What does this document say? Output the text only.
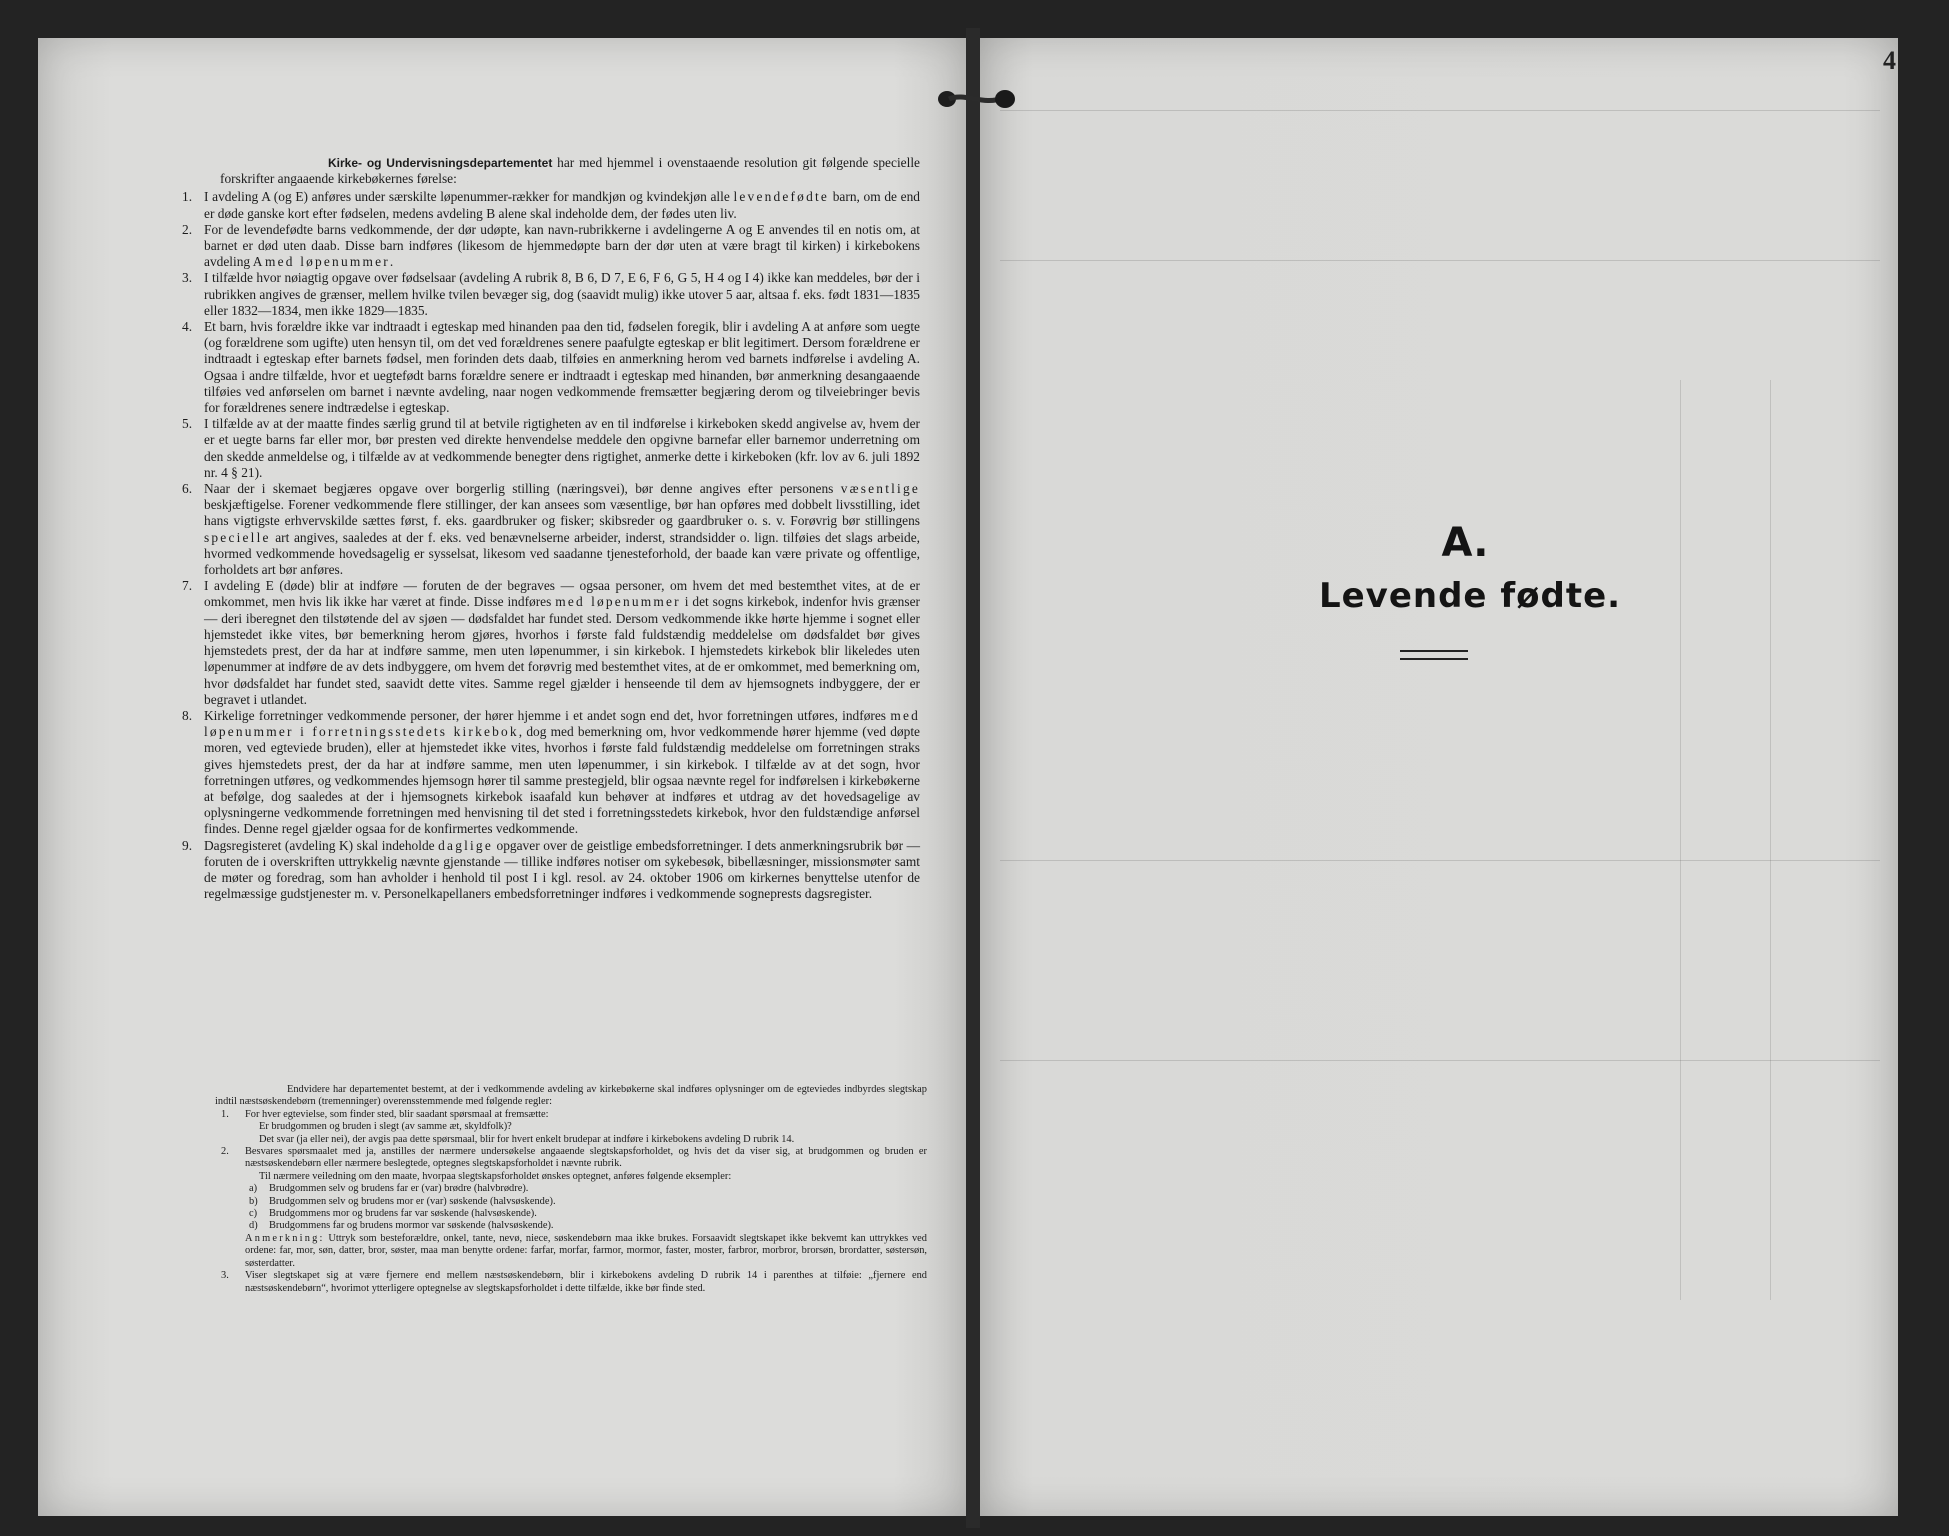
4

Kirke- og Undervisningsdepartementet har med hjemmel i ovenstaaende resolution git følgende specielle forskrifter angaaende kirkebøkernes førelse:

1. I avdeling A (og E) anføres under særskilte løpenummer-rækker for mandkjøn og kvindekjøn alle levendefødte barn, om de end er døde ganske kort efter fødselen, medens avdeling B alene skal indeholde dem, der fødes uten liv.
2. For de levendefødte barns vedkommende, der dør udøpte, kan navn-rubrikkerne i avdelingerne A og E anvendes til en notis om, at barnet er død uten daab. Disse barn indføres (likesom de hjemmedøpte barn der dør uten at være bragt til kirken) i kirkebokens avdeling A med løpenummer.
3. I tilfælde hvor nøiagtig opgave over fødselsaar (avdeling A rubrik 8, B 6, D 7, E 6, F 6, G 5, H 4 og I 4) ikke kan meddeles, bør der i rubrikken angives de grænser, mellem hvilke tvilen bevæger sig, dog (saavidt mulig) ikke utover 5 aar, altsaa f. eks. født 1831—1835 eller 1832—1834, men ikke 1829—1835.
4. Et barn, hvis forældre ikke var indtraadt i egteskap med hinanden paa den tid, fødselen foregik, blir i avdeling A at anføre som uegte (og forældrene som ugifte) uten hensyn til, om det ved forældrenes senere paafulgte egteskap er blit legitimert. Dersom forældrene er indtraadt i egteskap efter barnets fødsel, men forinden dets daab, tilføies en anmerkning herom ved barnets indførelse i avdeling A. Ogsaa i andre tilfælde, hvor et uegtefødt barns forældre senere er indtraadt i egteskap med hinanden, bør anmerkning desangaaende tilføies ved anførselen om barnet i nævnte avdeling, naar nogen vedkommende fremsætter begjæring derom og tilveiebringer bevis for forældrenes senere indtrædelse i egteskap.
5. I tilfælde av at der maatte findes særlig grund til at betvile rigtigheten av en til indførelse i kirkeboken skedd angivelse av, hvem der er et uegte barns far eller mor, bør presten ved direkte henvendelse meddele den opgivne barnefar eller barnemor underretning om den skedde anmeldelse og, i tilfælde av at vedkommende benegter dens rigtighet, anmerke dette i kirkeboken (kfr. lov av 6. juli 1892 nr. 4 § 21).
6. Naar der i skemaet begjæres opgave over borgerlig stilling (næringsvei), bør denne angives efter personens væsentlige beskjæftigelse. Forener vedkommende flere stillinger, der kan ansees som væsentlige, bør han opføres med dobbelt livsstilling, idet hans vigtigste erhvervskilde sættes først, f. eks. gaardbruker og fisker; skibsreder og gaardbruker o. s. v. Forøvrig bør stillingens specielle art angives, saaledes at der f. eks. ved benævnelserne arbeider, inderst, strandsidder o. lign. tilføies det slags arbeide, hvormed vedkommende hovedsagelig er sysselsat, likesom ved saadanne tjenesteforhold, der baade kan være private og offentlige, forholdets art bør anføres.
7. I avdeling E (døde) blir at indføre — foruten de der begraves — ogsaa personer, om hvem det med bestemthet vites, at de er omkommet, men hvis lik ikke har været at finde. Disse indføres med løpenummer i det sogns kirkebok, indenfor hvis grænser — deri iberegnet den tilstøtende del av sjøen — dødsfaldet har fundet sted. Dersom vedkommende ikke hørte hjemme i sognet eller hjemstedet ikke vites, bør bemerkning herom gjøres, hvorhos i første fald fuldstændig meddelelse om dødsfaldet bør gives hjemstedets prest, der da har at indføre samme, men uten løpenummer, i sin kirkebok. I hjemstedets kirkebok blir likeledes uten løpenummer at indføre de av dets indbyggere, om hvem det forøvrig med bestemthet vites, at de er omkommet, med bemerkning om, hvor dødsfaldet har fundet sted, saavidt dette vites. Samme regel gjælder i henseende til dem av hjemsognets indbyggere, der er begravet i utlandet.
8. Kirkelige forretninger vedkommende personer, der hører hjemme i et andet sogn end det, hvor forretningen utføres, indføres med løpenummer i forretningsstedets kirkebok, dog med bemerkning om, hvor vedkommende hører hjemme (ved døpte moren, ved egteviede bruden), eller at hjemstedet ikke vites, hvorhos i første fald fuldstændig meddelelse om forretningen straks gives hjemstedets prest, der da har at indføre samme, men uten løpenummer, i sin kirkebok. I tilfælde av at det sogn, hvor forretningen utføres, og vedkommendes hjemsogn hører til samme prestegjeld, blir ogsaa nævnte regel for indførelsen i kirkebøkerne at befølge, dog saaledes at der i hjemsognets kirkebok isaafald kun behøver at indføres et utdrag av det hovedsagelige av oplysningerne vedkommende forretningen med henvisning til det sted i forretningsstedets kirkebok, hvor den fuldstændige anførsel findes. Denne regel gjælder ogsaa for de konfirmertes vedkommende.
9. Dagsregisteret (avdeling K) skal indeholde daglige opgaver over de geistlige embedsforretninger. I dets anmerkningsrubrik bør — foruten de i overskriften uttrykkelig nævnte gjenstande — tillike indføres notiser om sykebesøk, bibellæsninger, missionsmøter samt de møter og foredrag, som han avholder i henhold til post I i kgl. resol. av 24. oktober 1906 om kirkernes benyttelse utenfor de regelmæssige gudstjenester m. v. Personelkapellaners embedsforretninger indføres i vedkommende sogneprests dagsregister.

Endvidere har departementet bestemt, at der i vedkommende avdeling av kirkebøkerne skal indføres oplysninger om de egteviedes indbyrdes slegtskap indtil næstsøskendebørn (tremenninger) overensstemmende med følgende regler:

1. For hver egtevielse, som finder sted, blir saadant spørsmaal at fremsætte:
Er brudgommen og bruden i slegt (av samme æt, skyldfolk)?
Det svar (ja eller nei), der avgis paa dette spørsmaal, blir for hvert enkelt brudepar at indføre i kirkebokens avdeling D rubrik 14.
2. Besvares spørsmaalet med ja, anstilles der nærmere undersøkelse angaaende slegtskapsforholdet, og hvis det da viser sig, at brudgommen og bruden er næstsøskendebørn eller nærmere beslegtede, optegnes slegtskapsforholdet i nævnte rubrik.
Til nærmere veiledning om den maate, hvorpaa slegtskapsforholdet ønskes optegnet, anføres følgende eksempler:
a) Brudgommen selv og brudens far er (var) brødre (halvbrødre).
b) Brudgommen selv og brudens mor er (var) søskende (halvsøskende).
c) Brudgommens mor og brudens far var søskende (halvsøskende).
d) Brudgommens far og brudens mormor var søskende (halvsøskende).
Anmerkning: Uttryk som besteforældre, onkel, tante, nevø, niece, søskendebørn maa ikke brukes. Forsaavidt slegtskapet ikke bekvemt kan uttrykkes ved ordene: far, mor, søn, datter, bror, søster, maa man benytte ordene: farfar, morfar, farmor, mormor, faster, moster, farbror, morbror, brorsøn, brordatter, søstersøn, søsterdatter.
3. Viser slegtskapet sig at være fjernere end mellem næstsøskendebørn, blir i kirkebokens avdeling D rubrik 14 i parenthes at tilføie: „fjernere end næstsøskendebørn“, hvorimot ytterligere optegnelse av slegtskapsforholdet i dette tilfælde, ikke bør finde sted.
A.
Levende fødte.
